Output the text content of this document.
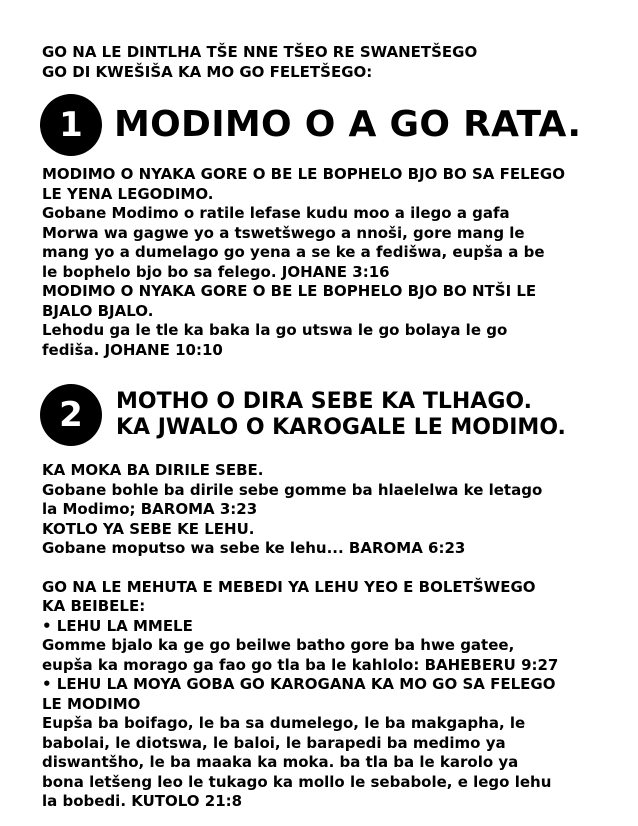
GO NA LE DINTLHA TŠE NNE TŠEO RE SWANETŠEGO
GO DI KWEŠIŠA KA MO GO FELETŠEGO:
1 MODIMO O A GO RATA.
MODIMO O NYAKA GORE O BE LE BOPHELO BJO BO SA FELEGO
LE YENA LEGODIMO.
Gobane Modimo o ratile lefase kudu moo a ilego a gafa
Morwa wa gagwe yo a tswetšwego a nnoši, gore mang le
mang yo a dumelago go yena a se ke a fedišwa, eupša a be
le bophelo bjo bo sa felego. JOHANE 3:16
MODIMO O NYAKA GORE O BE LE BOPHELO BJO BO NTŠI LE
BJALO BJALO.
Lehodu ga le tle ka baka la go utswa le go bolaya le go
fediša. JOHANE 10:10
2	MOTHO O DIRA SEBE KA TLHAGO.
KA JWALO O KAROGALE LE MODIMO.
KA MOKA BA DIRILE SEBE.
Gobane bohle ba dirile sebe gomme ba hlaelelwa ke letago
la Modimo; BAROMA 3:23
KOTLO YA SEBE KE LEHU.
Gobane moputso wa sebe ke lehu... BAROMA 6:23
GO NA LE MEHUTA E MEBEDI YA LEHU YEO E BOLETŠWEGO
KA BEIBELE:
• LEHU LA MMELE
Gomme bjalo ka ge go beilwe batho gore ba hwe gatee,
eupša ka morago ga fao go tla ba le kahlolo: BAHEBERU 9:27
• LEHU LA MOYA GOBA GO KAROGANA KA MO GO SA FELEGO
LE MODIMO
Eupša ba boifago, le ba sa dumelego, le ba makgapha, le
babolai, le diotswa, le baloi, le barapedi ba medimo ya
diswantšho, le ba maaka ka moka. ba tla ba le karolo ya
bona letšeng leo le tukago ka mollo le sebabole, e lego lehu
la bobedi. KUTOLO 21:8
